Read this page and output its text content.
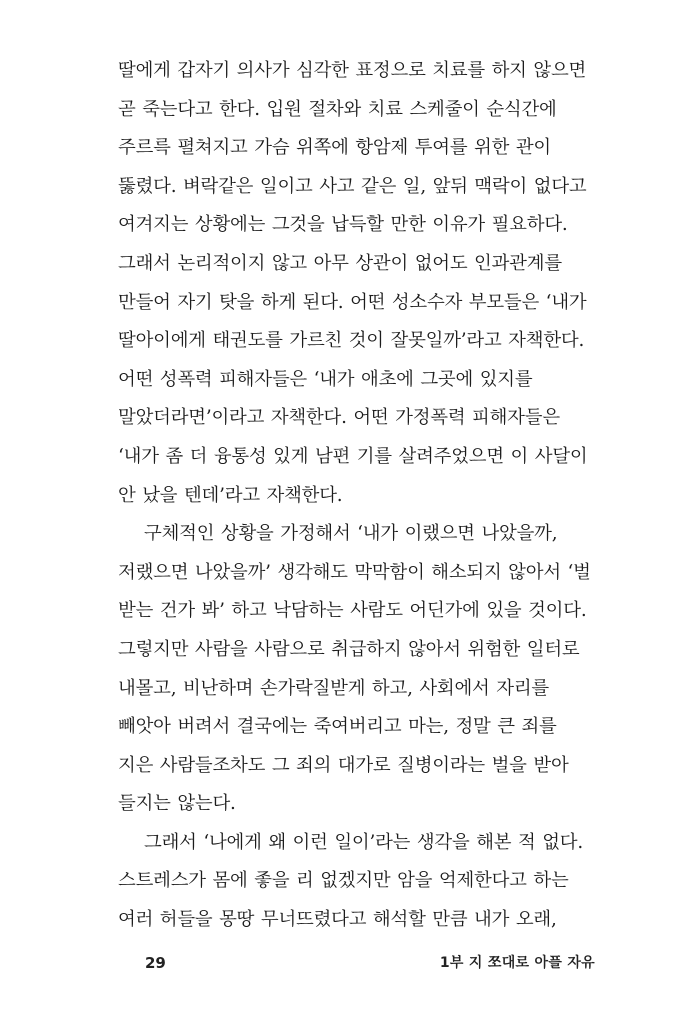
딸에게 갑자기 의사가 심각한 표정으로 치료를 하지 않으면
곧 죽는다고 한다. 입원 절차와 치료 스케줄이 순식간에
주르륵 펼쳐지고 가슴 위쪽에 항암제 투여를 위한 관이
뚫렸다. 벼락같은 일이고 사고 같은 일, 앞뒤 맥락이 없다고
여겨지는 상황에는 그것을 납득할 만한 이유가 필요하다.
그래서 논리적이지 않고 아무 상관이 없어도 인과관계를
만들어 자기 탓을 하게 된다. 어떤 성소수자 부모들은 ‘내가
딸아이에게 태권도를 가르친 것이 잘못일까’라고 자책한다.
어떤 성폭력 피해자들은 ‘내가 애초에 그곳에 있지를
말았더라면’이라고 자책한다. 어떤 가정폭력 피해자들은
‘내가 좀 더 융통성 있게 남편 기를 살려주었으면 이 사달이
안 났을 텐데’라고 자책한다.
구체적인 상황을 가정해서 ‘내가 이랬으면 나았을까,
저랬으면 나았을까’ 생각해도 막막함이 해소되지 않아서 ‘벌
받는 건가 봐’ 하고 낙담하는 사람도 어딘가에 있을 것이다.
그렇지만 사람을 사람으로 취급하지 않아서 위험한 일터로
내몰고, 비난하며 손가락질받게 하고, 사회에서 자리를
빼앗아 버려서 결국에는 죽여버리고 마는, 정말 큰 죄를
지은 사람들조차도 그 죄의 대가로 질병이라는 벌을 받아
들지는 않는다.
그래서 ‘나에게 왜 이런 일이’라는 생각을 해본 적 없다.
스트레스가 몸에 좋을 리 없겠지만 암을 억제한다고 하는
여러 허들을 몽땅 무너뜨렸다고 해석할 만큼 내가 오래,
29	1부 지 쪼대로 아플 자유
